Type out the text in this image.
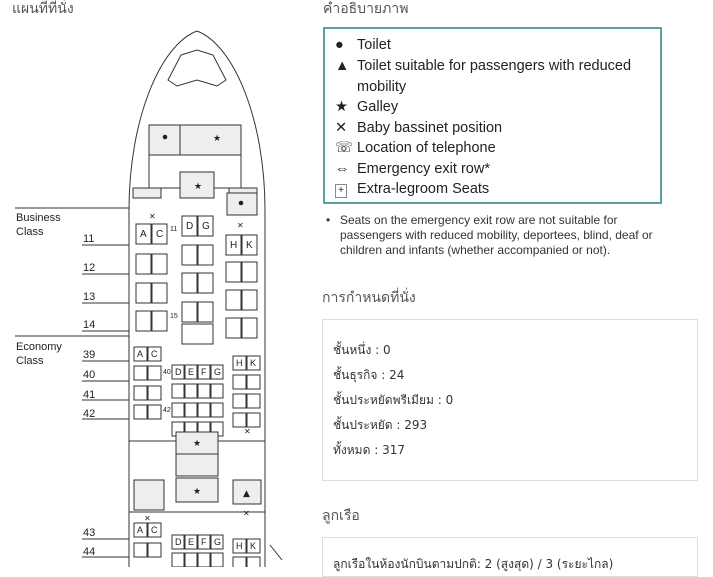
แผนที่ที่นั่ง	คำอธิบายภาพ
การกำหนดที่นั่ง
ลูกเรือ
★
★
★
★
✕
✕
✕
✕
✕
▲
Business
Class
Economy
Class
11
12
13
14
39
40
41
42
43
44
A C 11 D G
H K
15
A C
40 D E F G
H K
42
A C
D E F G H K
● Toilet
▲ Toilet suitable for passengers with reduced
mobility
★ Galley
✕ Baby bassinet position
☏ Location of telephone
⇔ Emergency exit row*
+ Extra-legroom Seats
• Seats on the emergency exit row are not suitable for passengers with reduced mobility, deportees, blind, deaf or children and infants (whether accompanied or not).
ชั้นหนึ่ง : 0
ชั้นธุรกิจ : 24
ชั้นประหยัดพรีเมียม : 0
ชั้นประหยัด : 293
ทั้งหมด : 317
ลูกเรือในห้องนักบินตามปกติ: 2 (สูงสุด) / 3 (ระยะไกล)
